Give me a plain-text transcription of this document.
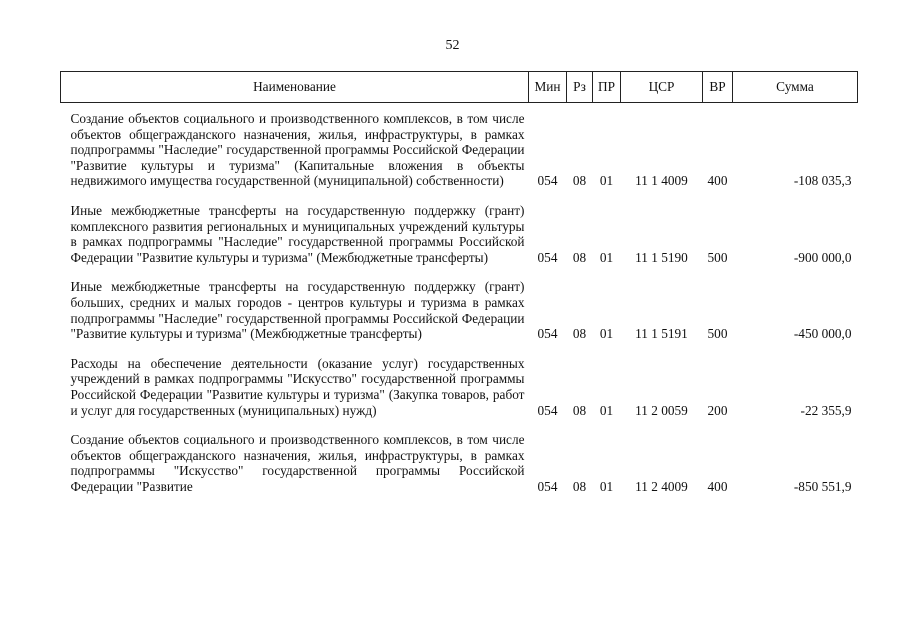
52
Наименование	Мин	Рз	ПР	ЦСР	ВР	Сумма
Создание объектов социального и производственного комплексов, в том числе объектов общегражданского назначения, жилья, инфраструктуры, в рамках подпрограммы "Наследие" государственной программы Российской Федерации "Развитие культуры и туризма" (Капитальные вложения в объекты недвижимого имущества государственной (муниципальной) собственности)	054	08	01	11 1 4009	400	-108 035,3
Иные межбюджетные трансферты на государственную поддержку (грант) комплексного развития региональных и муниципальных учреждений культуры в рамках подпрограммы "Наследие" государственной программы Российской Федерации "Развитие культуры и туризма" (Межбюджетные трансферты)	054	08	01	11 1 5190	500	-900 000,0
Иные межбюджетные трансферты на государственную поддержку (грант) больших, средних и малых городов - центров культуры и туризма в рамках подпрограммы "Наследие" государственной программы Российской Федерации "Развитие культуры и туризма" (Межбюджетные трансферты)	054	08	01	11 1 5191	500	-450 000,0
Расходы на обеспечение деятельности (оказание услуг) государственных учреждений в рамках подпрограммы "Искусство" государственной программы Российской Федерации "Развитие культуры и туризма" (Закупка товаров, работ и услуг для государственных (муниципальных) нужд)	054	08	01	11 2 0059	200	-22 355,9
Создание объектов социального и производственного комплексов, в том числе объектов общегражданского назначения, жилья, инфраструктуры, в рамках подпрограммы "Искусство" государственной программы Российской Федерации "Развитие	054	08	01	11 2 4009	400	-850 551,9
